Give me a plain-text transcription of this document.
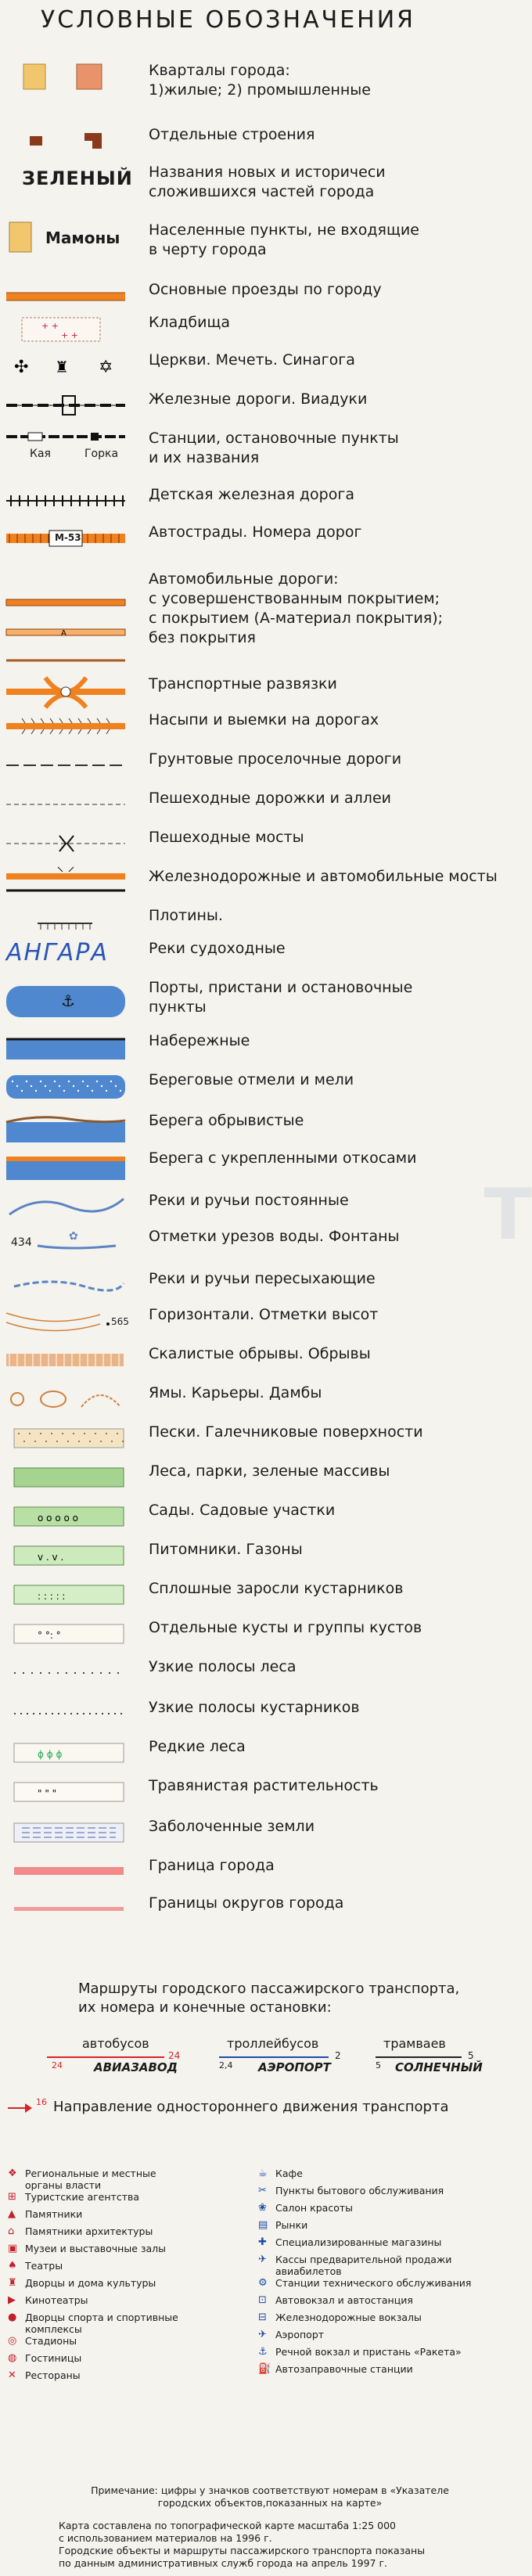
УСЛОВНЫЕ ОБОЗНАЧЕНИЯ
Кварталы города:
1)жилые; 2) промышленные
Отдельные строения
ЗЕЛЕНЫЙ Названия новых и историчеси
сложившихся частей города
Мамоны Населенные пункты, не входящие
в черту города
Основные проезды по городу
+ +
+ +
Кладбища
✣ ♜ ✡ Церкви. Мечеть. Синагога
Железные дороги. Виадуки
Кая	Горка
Станции, остановочные пункты
и их названия
Детская железная дорога
М-53	Автострады. Номера дорог
A
Автомобильные дороги:
с усовершенствованным покрытием;
с покрытием (А-материал покрытия);
без покрытия
Транспортные развязки
Насыпи и выемки на дорогах
Грунтовые проселочные дороги
Пешеходные дорожки и аллеи
Пешеходные мосты
Железнодорожные и автомобильные мосты
Плотины.
АНГАРА	Реки судоходные
⚓
Порты, пристани и остановочные
пункты
Набережные
Береговые отмели и мели
Берега обрывистые
Берега с укрепленными откосами
Реки и ручьи постоянные
✿
434	Отметки урезов воды. Фонтаны
Реки и ручьи пересыхающие
565 Горизонтали. Отметки высот
Скалистые обрывы. Обрывы
Ямы. Карьеры. Дамбы
Пески. Галечниковые поверхности
Леса, парки, зеленые массивы
o o o o o	Сады. Садовые участки
v . v .	Питомники. Газоны
: : : : :	Сплошные заросли кустарников
° °: °	Отдельные кусты и группы кустов
Узкие полосы леса
Узкие полосы кустарников
ϕ ϕ ϕ	Редкие леса
" " "	Травянистая растительность
Заболоченные земли
Граница города
Границы округов города
Маршруты городского пассажирского транспорта,
их номера и конечные остановки:
автобусов
24
24
АВИАЗАВОД
троллейбусов
2,4
2
АЭРОПОРТ
трамваев
5
5
СОЛНЕЧНЫЙ
16 Направление одностороннего движения транспорта
❖ Региональные и местные
органы власти
⊞ Туристские агентства
▲ Памятники
⌂ Памятники архитектуры
▣ Музеи и выставочные залы
♠ Театры
♜ Дворцы и дома культуры
▶ Кинотеатры
● Дворцы спорта и спортивные
комплексы
◎ Стадионы
◍ Гостиницы
✕ Рестораны
☕ Кафе
✂ Пункты бытового обслуживания
❀ Салон красоты
▤ Рынки
✚ Специализированные магазины
✈ Кассы предварительной продажи
авиабилетов
⚙ Станции технического обслуживания
⊡ Автовокзал и автостанция
⊟ Железнодорожные вокзалы
✈ Аэропорт
⚓ Речной вокзал и пристань «Ракета»
⛽ Автозаправочные станции
Примечание: цифры у значков соответствуют номерам в «Указателе
городских объектов,показанных на карте»
Карта составлена по топографической карте масштаба 1:25 000
с использованием материалов на 1996 г.
Городские объекты и маршруты пассажирского транспорта показаны
по данным административных служб города на апрель 1997 г.
Т
